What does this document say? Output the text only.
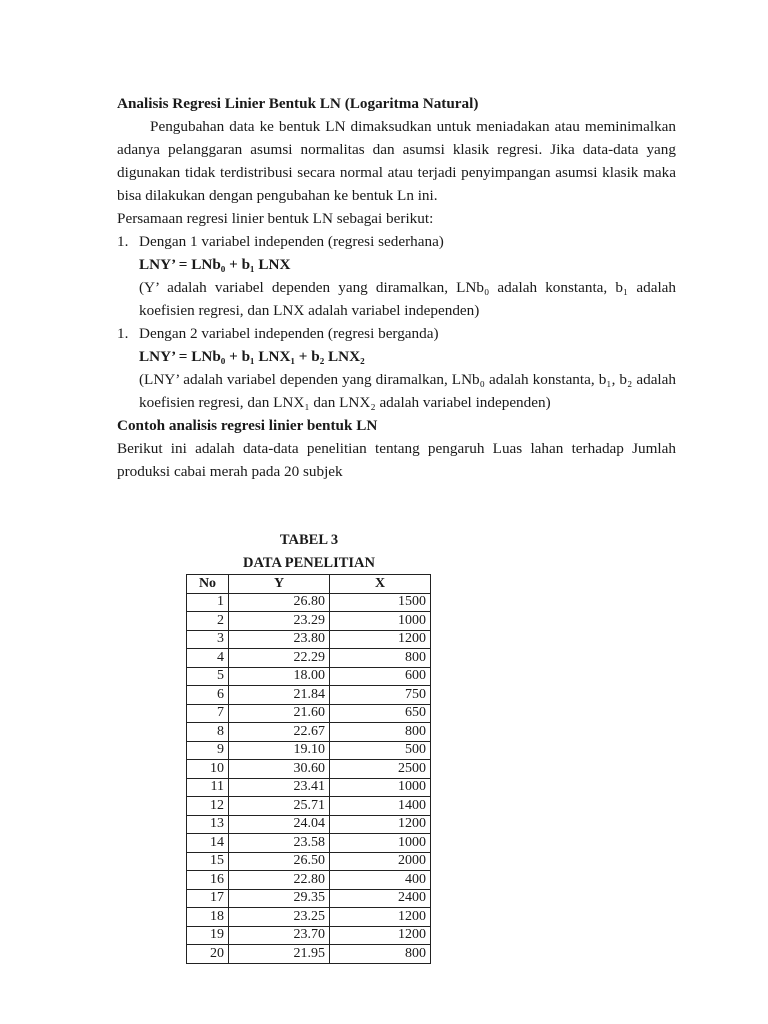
Analisis Regresi Linier Bentuk LN (Logaritma Natural)

Pengubahan data ke bentuk LN dimaksudkan untuk meniadakan atau meminimalkan adanya pelanggaran asumsi normalitas dan asumsi klasik regresi. Jika data-data yang digunakan tidak terdistribusi secara normal atau terjadi penyimpangan asumsi klasik maka bisa dilakukan dengan pengubahan ke bentuk Ln ini.

Persamaan regresi linier bentuk LN sebagai berikut:

1. Dengan 1 variabel independen (regresi sederhana)

LNY’ = LNb₀ + b₁ LNX

(Y’ adalah variabel dependen yang diramalkan, LNb₀ adalah konstanta, b₁ adalah koefisien regresi, dan LNX adalah variabel independen)

1. Dengan 2 variabel independen (regresi berganda)

LNY’ = LNb₀ + b₁ LNX₁ + b₂ LNX₂

(LNY’ adalah variabel dependen yang diramalkan, LNb₀ adalah konstanta, b₁, b₂ adalah koefisien regresi, dan LNX₁ dan LNX₂ adalah variabel independen)

Contoh analisis regresi linier bentuk LN

Berikut ini adalah data-data penelitian tentang pengaruh Luas lahan terhadap Jumlah produksi cabai merah pada 20 subjek

TABEL 3
DATA PENELITIAN
No	Y	X
1	26.80	1500
2	23.29	1000
3	23.80	1200
4	22.29	800
5	18.00	600
6	21.84	750
7	21.60	650
8	22.67	800
9	19.10	500
10	30.60	2500
11	23.41	1000
12	25.71	1400
13	24.04	1200
14	23.58	1000
15	26.50	2000
16	22.80	400
17	29.35	2400
18	23.25	1200
19	23.70	1200
20	21.95	800
